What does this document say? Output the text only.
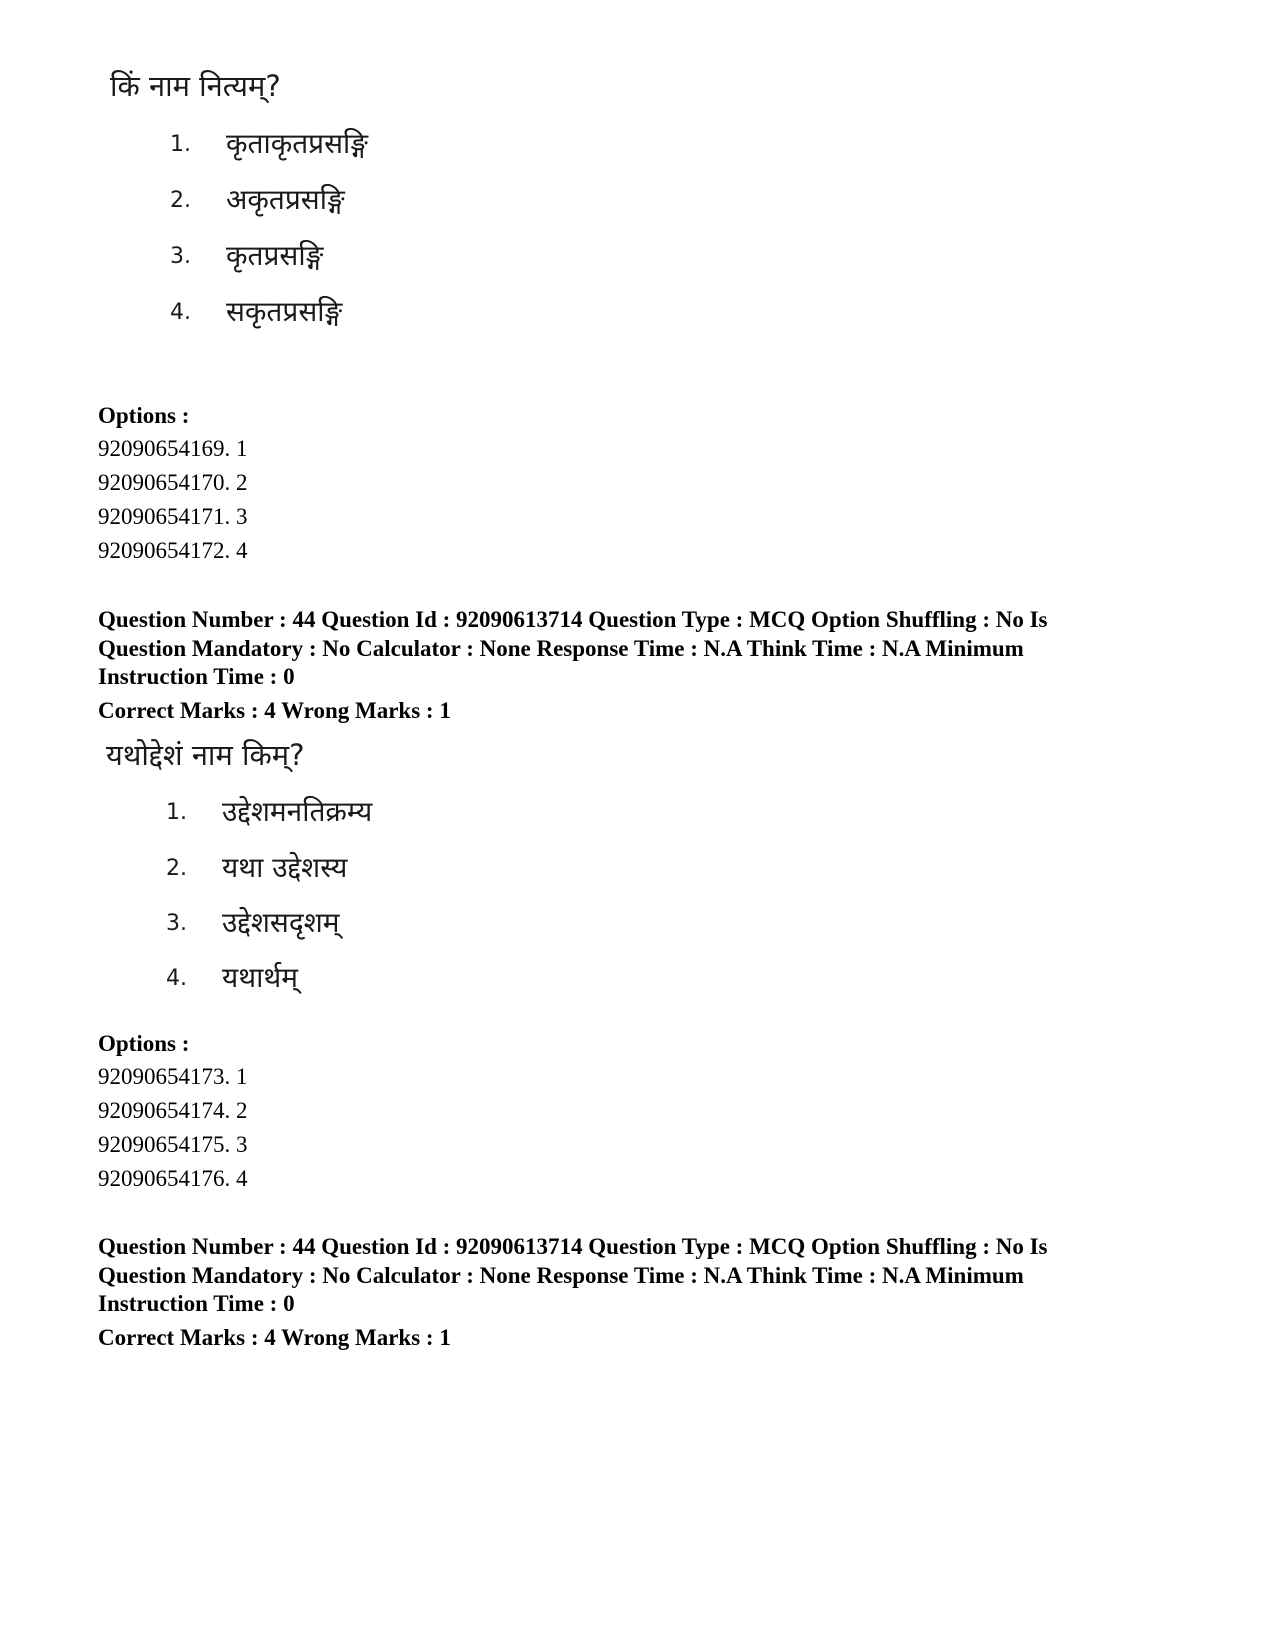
किं नाम नित्यम्?
1. कृताकृतप्रसङ्गि
2. अकृतप्रसङ्गि
3. कृतप्रसङ्गि
4. सकृतप्रसङ्गि
Options :
92090654169. 1
92090654170. 2
92090654171. 3
92090654172. 4
Question Number : 44 Question Id : 92090613714 Question Type : MCQ Option Shuffling : No Is
Question Mandatory : No Calculator : None Response Time : N.A Think Time : N.A Minimum
Instruction Time : 0
Correct Marks : 4 Wrong Marks : 1
यथोद्देशं नाम किम्?
1. उद्देशमनतिक्रम्य
2. यथा उद्देशस्य
3. उद्देशसदृशम्
4. यथार्थम्
Options :
92090654173. 1
92090654174. 2
92090654175. 3
92090654176. 4
Question Number : 44 Question Id : 92090613714 Question Type : MCQ Option Shuffling : No Is
Question Mandatory : No Calculator : None Response Time : N.A Think Time : N.A Minimum
Instruction Time : 0
Correct Marks : 4 Wrong Marks : 1
